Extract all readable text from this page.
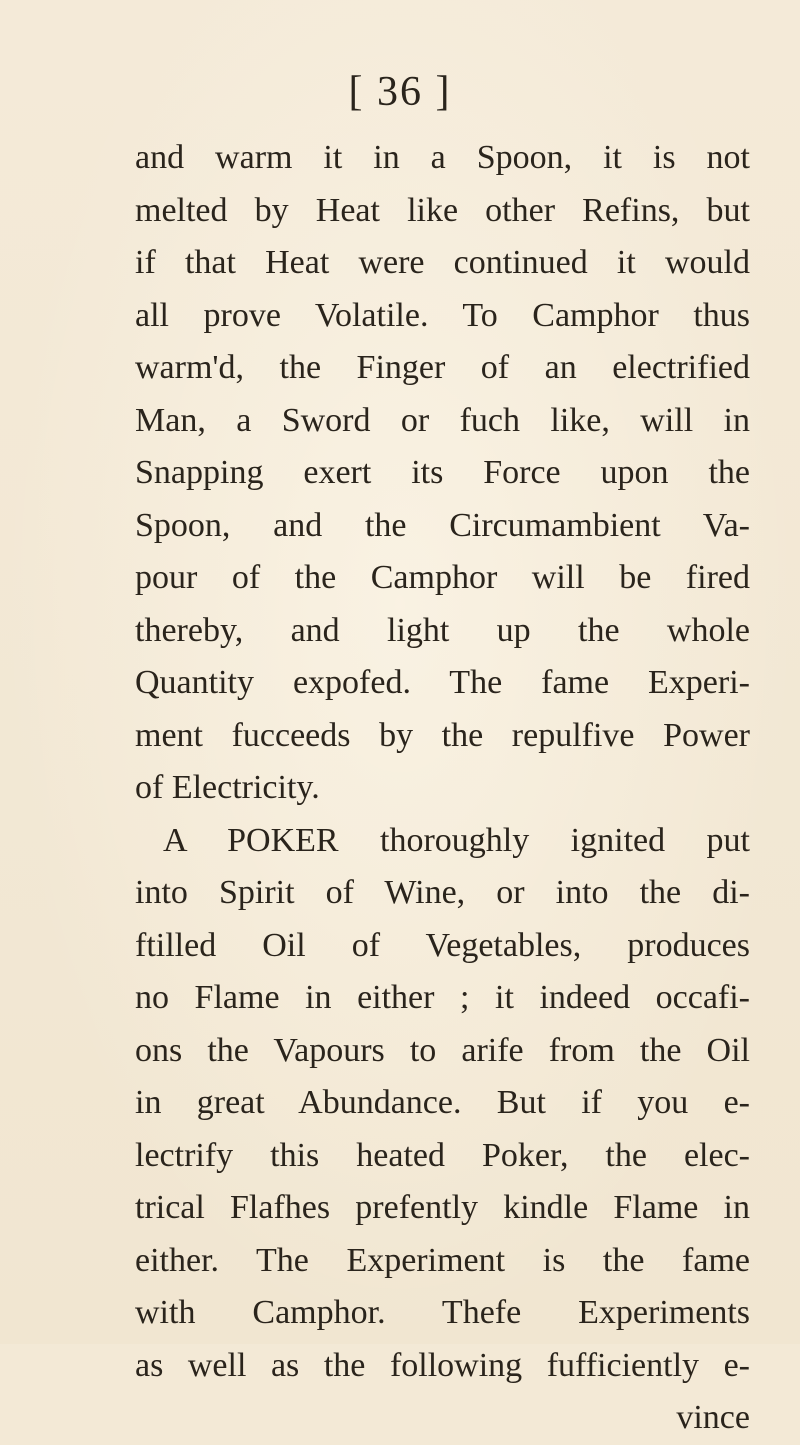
[ 36 ]
and warm it in a Spoon, it is not
melted by Heat like other Refins, but
if that Heat were continued it would
all prove Volatile. To Camphor thus
warm'd, the Finger of an electrified
Man, a Sword or fuch like, will in
Snapping exert its Force upon the
Spoon, and the Circumambient Va-
pour of the Camphor will be fired
thereby, and light up the whole
Quantity expofed. The fame Experi-
ment fucceeds by the repulfive Power
of Electricity.
A POKER thoroughly ignited put
into Spirit of Wine, or into the di-
ftilled Oil of Vegetables, produces
no Flame in either ; it indeed occafi-
ons the Vapours to arife from the Oil
in great Abundance. But if you e-
lectrify this heated Poker, the elec-
trical Flafhes prefently kindle Flame in
either. The Experiment is the fame
with Camphor. Thefe Experiments
as well as the following fufficiently e-
vince
